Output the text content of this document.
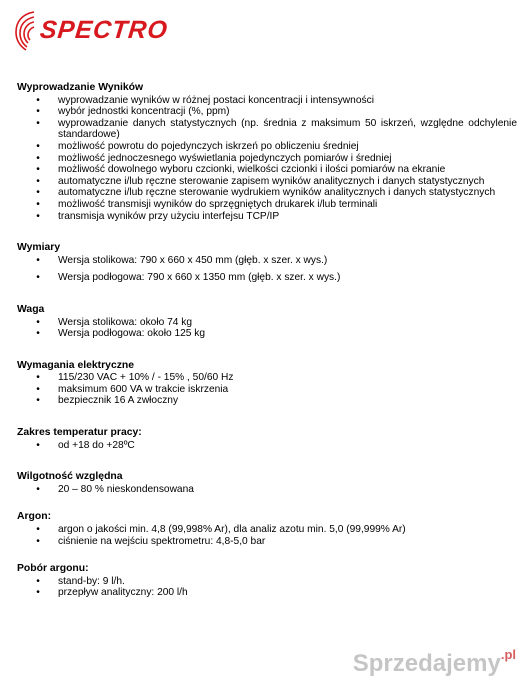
SPECTRO
Wyprowadzanie Wyników
• wyprowadzanie wyników w różnej postaci koncentracji i intensywności
• wybór jednostki koncentracji (%, ppm)
• wyprowadzanie danych statystycznych (np. średnia z maksimum 50 iskrzeń, względne odchylenie standardowe)
• możliwość powrotu do pojedynczych iskrzeń po obliczeniu średniej
• możliwość jednoczesnego wyświetlania pojedynczych pomiarów i średniej
• możliwość dowolnego wyboru czcionki, wielkości czcionki i ilości pomiarów na ekranie
• automatyczne i/lub ręczne sterowanie zapisem wyników analitycznych i danych statystycznych
• automatyczne i/lub ręczne sterowanie wydrukiem wyników analitycznych i danych statystycznych
• możliwość transmisji wyników do sprzęgniętych drukarek i/lub terminali
• transmisja wyników przy użyciu interfejsu TCP/IP
Wymiary
• Wersja stolikowa: 790 x 660 x 450 mm (głęb. x szer. x wys.)
• Wersja podłogowa: 790 x 660 x 1350 mm (głęb. x szer. x wys.)
Waga
• Wersja stolikowa: około 74 kg
• Wersja podłogowa: około 125 kg
Wymagania elektryczne
• 115/230 VAC + 10% / - 15% , 50/60 Hz
• maksimum 600 VA w trakcie iskrzenia
• bezpiecznik 16 A zwłoczny
Zakres temperatur pracy:
• od +18 do +28ºC
Wilgotność względna
• 20 – 80 % nieskondensowana
Argon:
• argon o jakości min. 4,8 (99,998% Ar), dla analiz azotu min. 5,0 (99,999% Ar)
• ciśnienie na wejściu spektrometru: 4,8-5,0 bar
Pobór argonu:
• stand-by: 9 l/h.
• przepływ analityczny: 200 l/h
Sprzedajemy$^{.pl}$
